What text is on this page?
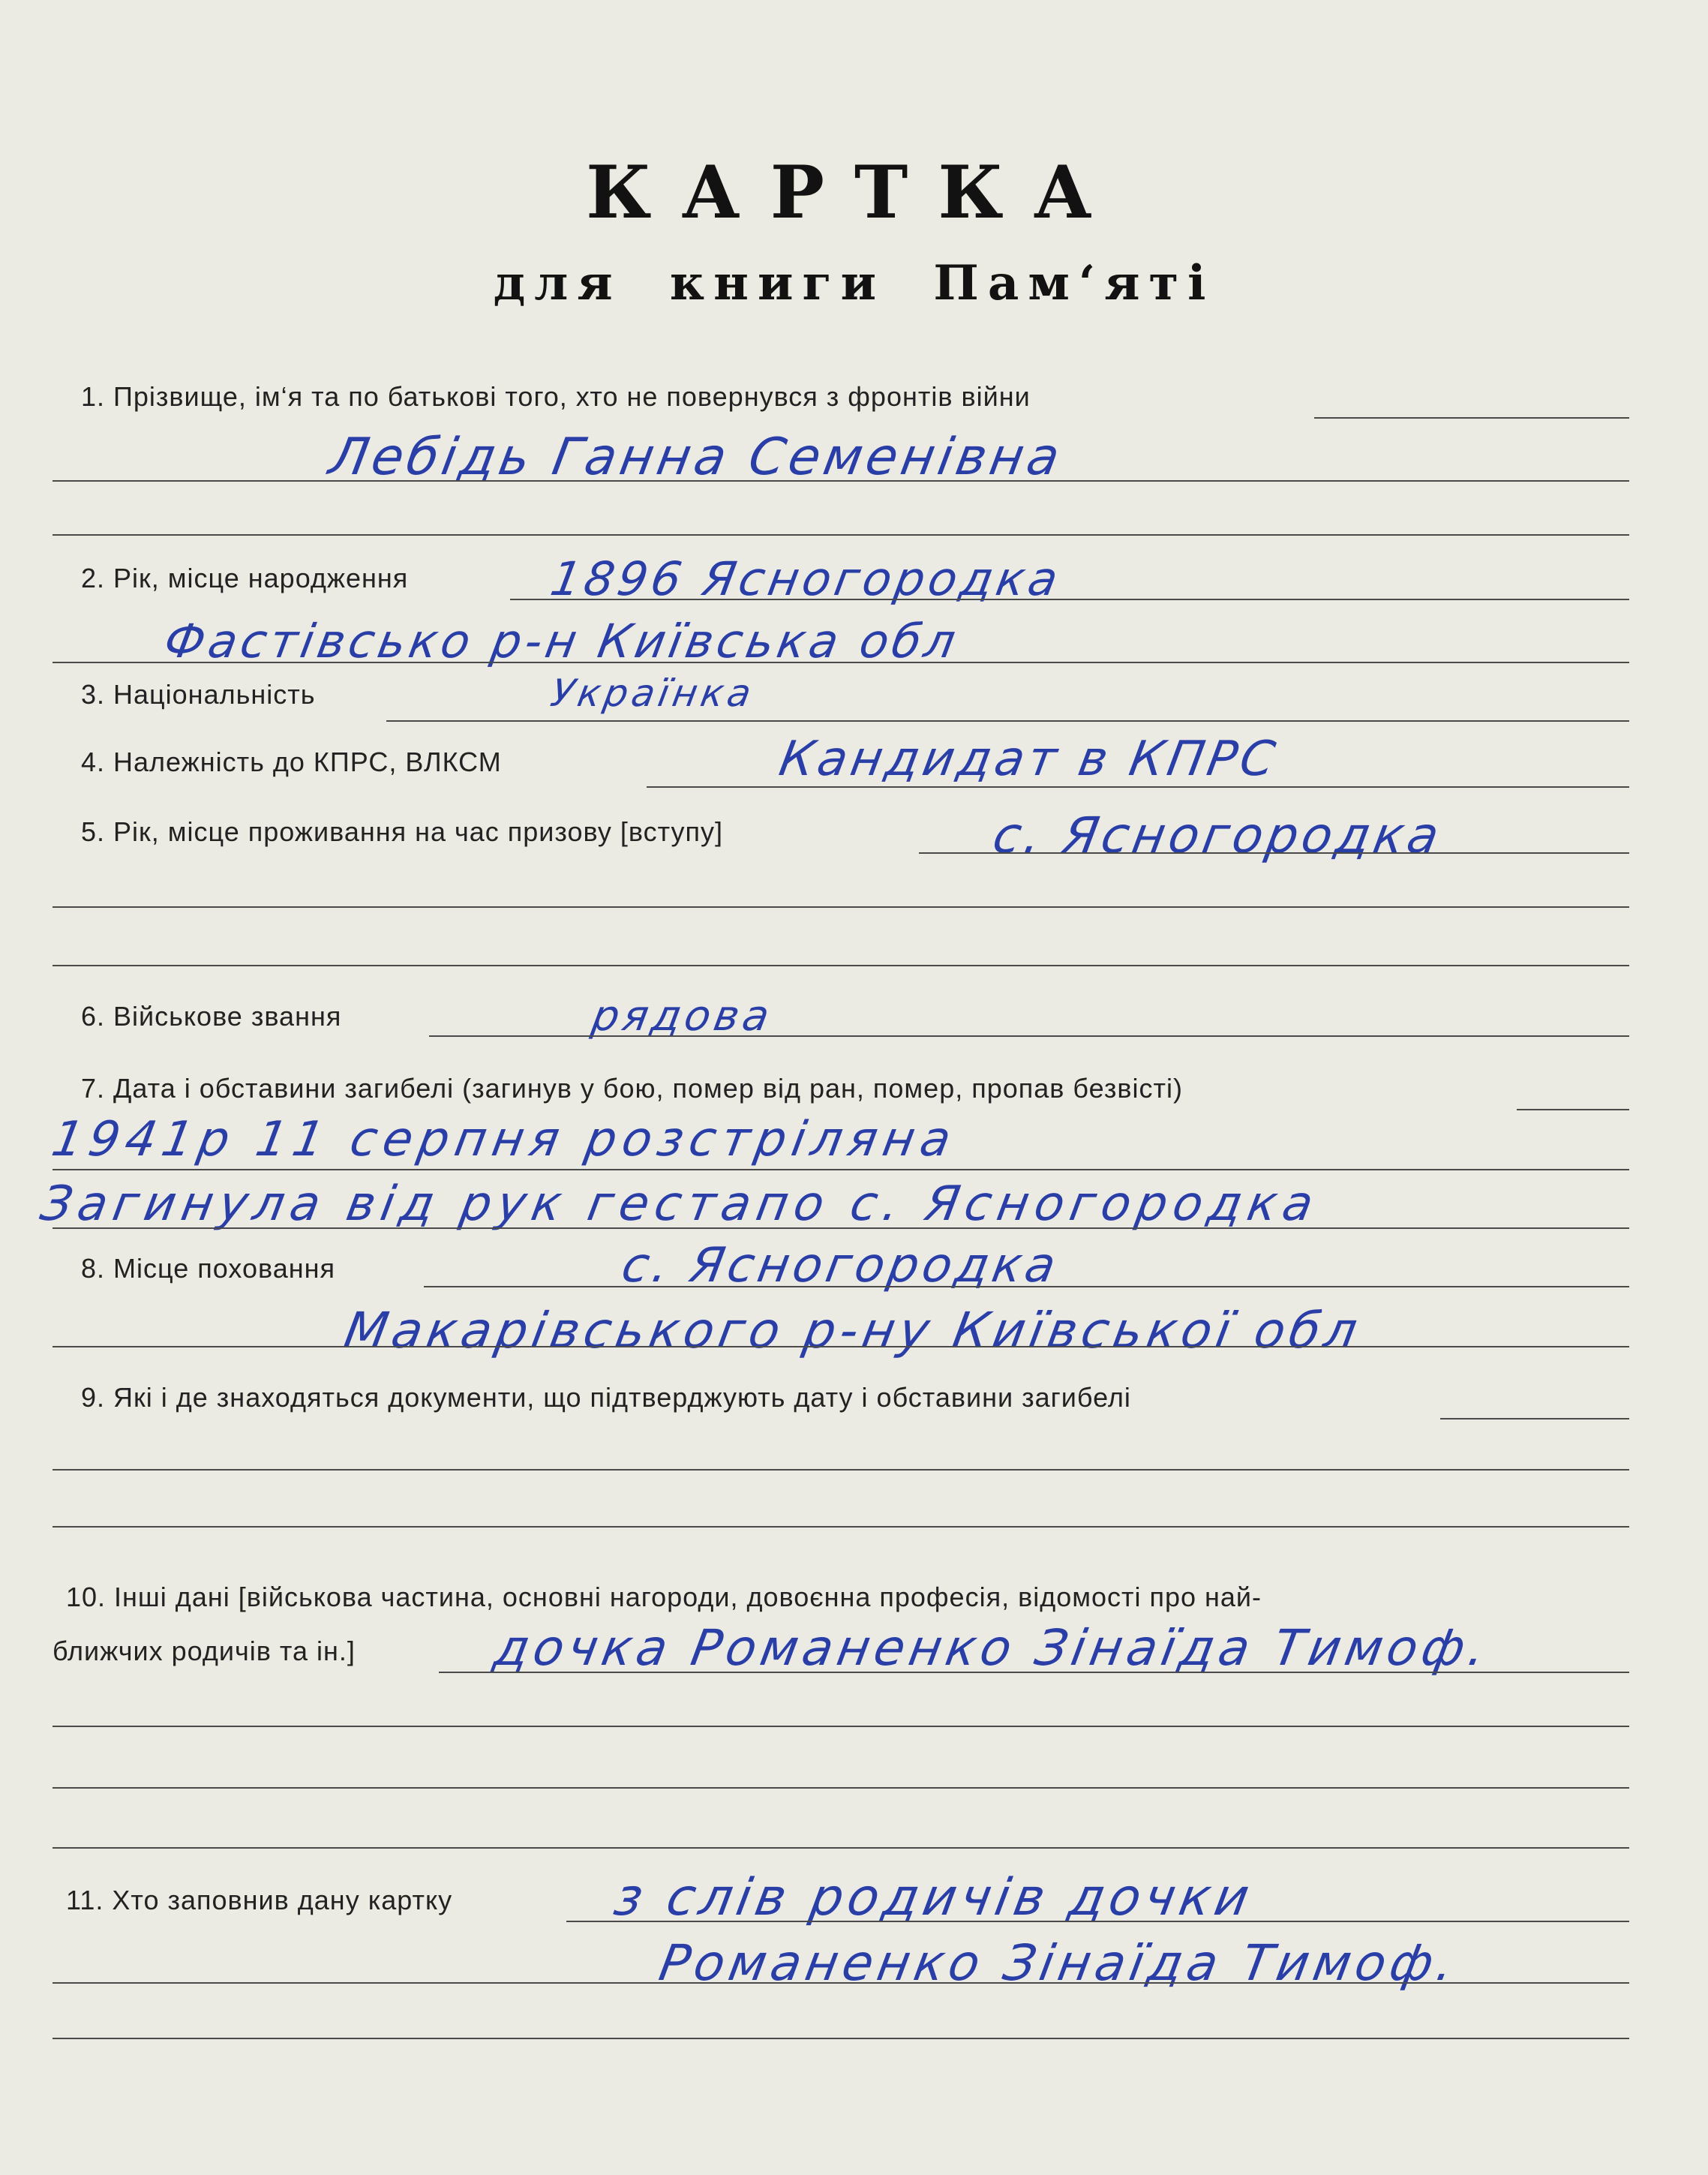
КАРТКА
для книги Пам‘яті
1. Прізвище, ім‘я та по батькові того, хто не повернувся з фронтів війни
Лебідь Ганна Семенівна
2. Рік, місце народження	1896 Ясногородка
Фастівсько р-н Київська обл
3. Національність	Українка
4. Належність до КПРС, ВЛКСМ	Кандидат в КПРС
5. Рік, місце проживання на час призову [вступу]	с. Ясногородка
6. Військове звання	рядова
7. Дата і обставини загибелі (загинув у бою, помер від ран, помер, пропав безвісті)
1941р 11 серпня розстріляна
Загинула від рук гестапо с. Ясногородка
8. Місце поховання	с. Ясногородка
Макарівського р-ну Київської обл
9. Які і де знаходяться документи, що підтверджують дату і обставини загибелі
10. Інші дані [військова частина, основні нагороди, довоєнна професія, відомості про най-
ближчих родичів та ін.]	дочка Романенко Зінаїда Тимоф.
11. Хто заповнив дану картку	з слів родичів дочки
Романенко Зінаїда Тимоф.
